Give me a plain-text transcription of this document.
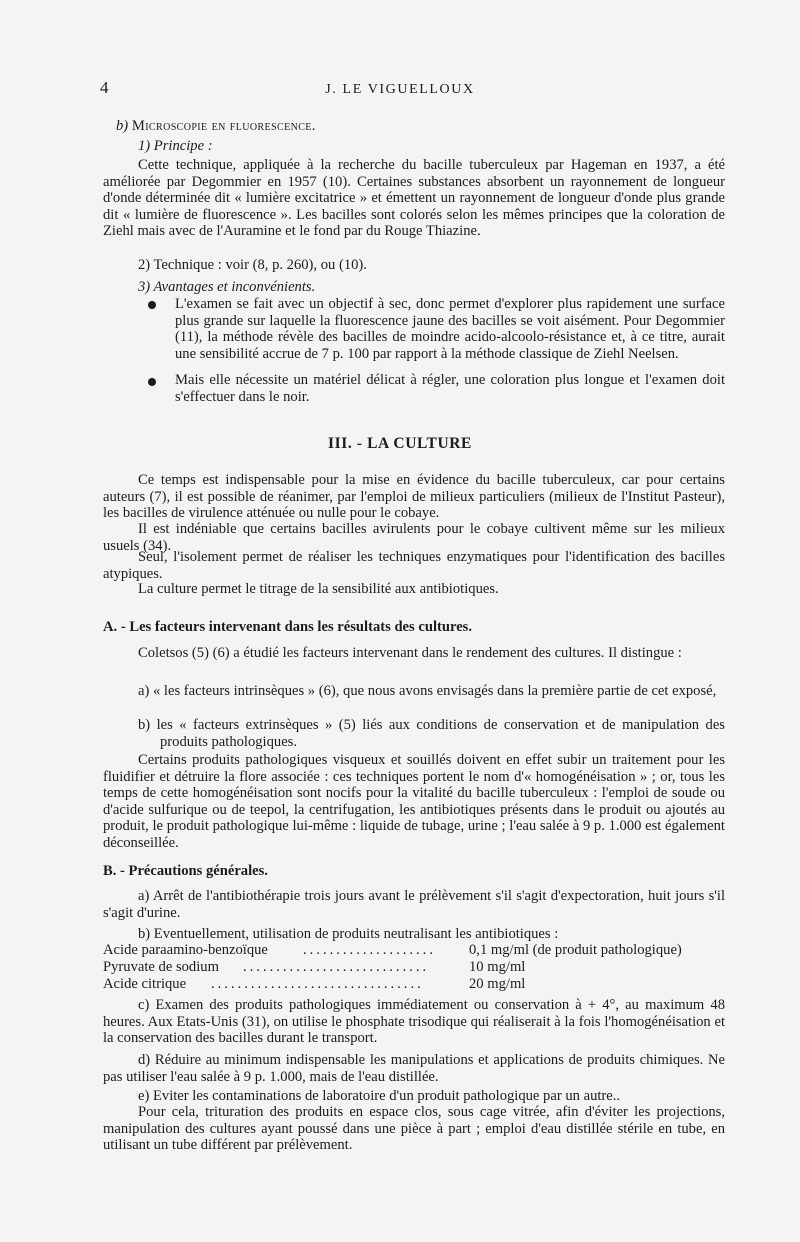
4	J. LE VIGUELLOUX
b) Microscopie en fluorescence.
1) Principe :
Cette technique, appliquée à la recherche du bacille tuberculeux par Hageman en 1937, a été améliorée par Degommier en 1957 (10). Certaines substances absorbent un rayonnement de longueur d'onde déterminée dit « lumière excitatrice » et émettent un rayonnement de longueur d'onde plus grande dit « lumière de fluorescence ». Les bacilles sont colorés selon les mêmes principes que la coloration de Ziehl mais avec de l'Auramine et le fond par du Rouge Thiazine.
2) Technique : voir (8, p. 260), ou (10).
3) Avantages et inconvénients.
L'examen se fait avec un objectif à sec, donc permet d'explorer plus rapidement une surface plus grande sur laquelle la fluorescence jaune des bacilles se voit aisément. Pour Degommier (11), la méthode révèle des bacilles de moindre acido-alcoolo-résistance et, à ce titre, aurait une sensibilité accrue de 7 p. 100 par rapport à la méthode classique de Ziehl Neelsen.
Mais elle nécessite un matériel délicat à régler, une coloration plus longue et l'examen doit s'effectuer dans le noir.
III. - LA CULTURE
Ce temps est indispensable pour la mise en évidence du bacille tuberculeux, car pour certains auteurs (7), il est possible de réanimer, par l'emploi de milieux particuliers (milieux de l'Institut Pasteur), les bacilles de virulence atténuée ou nulle pour le cobaye.
Il est indéniable que certains bacilles avirulents pour le cobaye cultivent même sur les milieux usuels (34).
Seul, l'isolement permet de réaliser les techniques enzymatiques pour l'identification des bacilles atypiques.
La culture permet le titrage de la sensibilité aux antibiotiques.
A. - Les facteurs intervenant dans les résultats des cultures.
Coletsos (5) (6) a étudié les facteurs intervenant dans le rendement des cultures. Il distingue :
a) « les facteurs intrinsèques » (6), que nous avons envisagés dans la première partie de cet exposé,
b) les « facteurs extrinsèques » (5) liés aux conditions de conservation et de manipulation des produits pathologiques.
Certains produits pathologiques visqueux et souillés doivent en effet subir un traitement pour les fluidifier et détruire la flore associée : ces techniques portent le nom d'« homogénéisation » ; or, tous les temps de cette homogénéisation sont nocifs pour la vitalité du bacille tuberculeux : l'emploi de soude ou d'acide sulfurique ou de teepol, la centrifugation, les antibiotiques présents dans le produit ou ajoutés au produit, le produit pathologique lui-même : liquide de tubage, urine ; l'eau salée à 9 p. 1.000 est également déconseillée.
B. - Précautions générales.
a) Arrêt de l'antibiothérapie trois jours avant le prélèvement s'il s'agit d'expectoration, huit jours s'il s'agit d'urine.
b) Eventuellement, utilisation de produits neutralisant les antibiotiques :
Acide paraamino-benzoïque ....................	0,1 mg/ml (de produit pathologique)
Pyruvate de sodium ............................	10 mg/ml
Acide citrique ................................	20 mg/ml
c) Examen des produits pathologiques immédiatement ou conservation à + 4°, au maximum 48 heures. Aux Etats-Unis (31), on utilise le phosphate trisodique qui réaliserait à la fois l'homogénéisation et la conservation des bacilles durant le transport.
d) Réduire au minimum indispensable les manipulations et applications de produits chimiques. Ne pas utiliser l'eau salée à 9 p. 1.000, mais de l'eau distillée.
e) Eviter les contaminations de laboratoire d'un produit pathologique par un autre..
Pour cela, trituration des produits en espace clos, sous cage vitrée, afin d'éviter les projections, manipulation des cultures ayant poussé dans une pièce à part ; emploi d'eau distillée stérile en tube, en utilisant un tube différent par prélèvement.
